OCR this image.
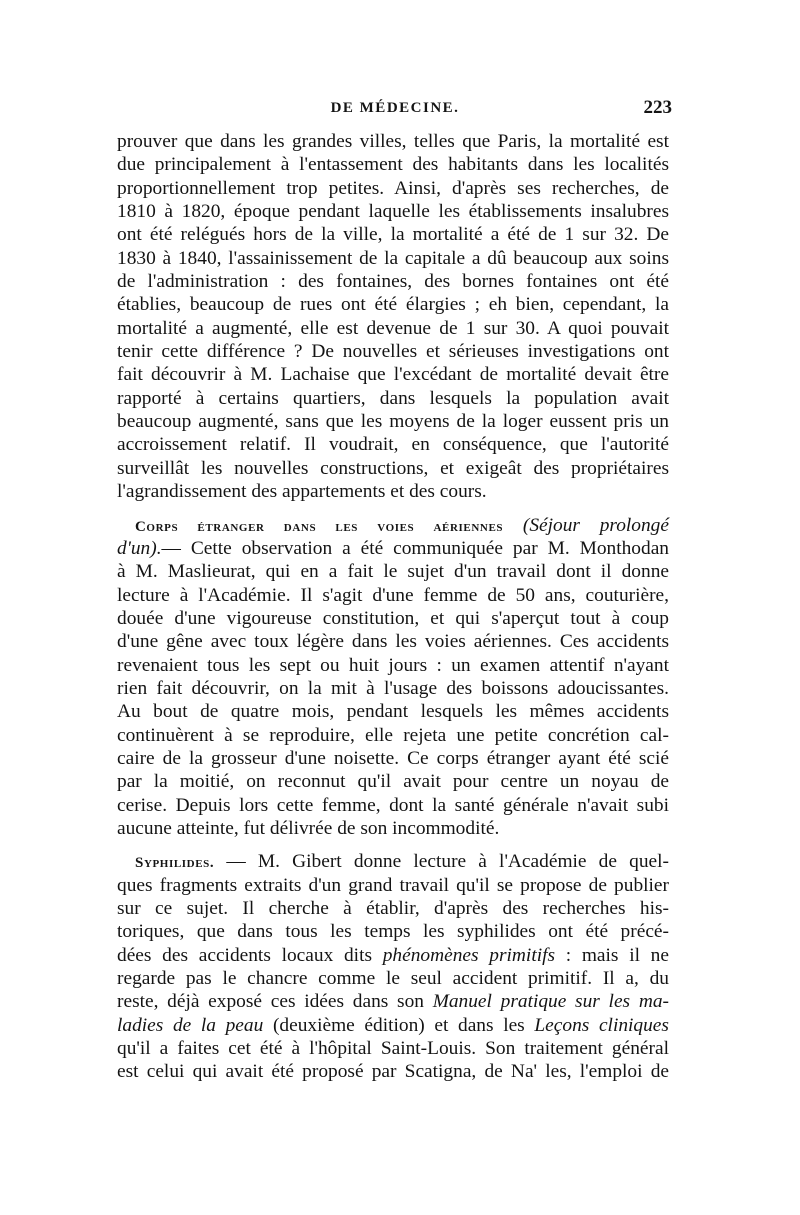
DE MÉDECINE.	223

prouver que dans les grandes villes, telles que Paris, la mortalité est
due principalement à l'entassement des habitants dans les localités
proportionnellement trop petites. Ainsi, d'après ses recherches, de
1810 à 1820, époque pendant laquelle les établissements insalubres
ont été relégués hors de la ville, la mortalité a été de 1 sur 32. De
1830 à 1840, l'assainissement de la capitale a dû beaucoup aux soins
de l'administration : des fontaines, des bornes fontaines ont été
établies, beaucoup de rues ont été élargies ; eh bien, cependant, la
mortalité a augmenté, elle est devenue de 1 sur 30. A quoi pouvait
tenir cette différence ? De nouvelles et sérieuses investigations ont
fait découvrir à M. Lachaise que l'excédant de mortalité devait être
rapporté à certains quartiers, dans lesquels la population avait
beaucoup augmenté, sans que les moyens de la loger eussent pris un
accroissement relatif. Il voudrait, en conséquence, que l'autorité
surveillât les nouvelles constructions, et exigeât des propriétaires
l'agrandissement des appartements et des cours.

Corps étranger dans les voies aériennes (Séjour prolongé
d'un).— Cette observation a été communiquée par M. Monthodan
à M. Maslieurat, qui en a fait le sujet d'un travail dont il donne
lecture à l'Académie. Il s'agit d'une femme de 50 ans, couturière,
douée d'une vigoureuse constitution, et qui s'aperçut tout à coup
d'une gêne avec toux légère dans les voies aériennes. Ces accidents
revenaient tous les sept ou huit jours : un examen attentif n'ayant
rien fait découvrir, on la mit à l'usage des boissons adoucissantes.
Au bout de quatre mois, pendant lesquels les mêmes accidents
continuèrent à se reproduire, elle rejeta une petite concrétion cal-
caire de la grosseur d'une noisette. Ce corps étranger ayant été scié
par la moitié, on reconnut qu'il avait pour centre un noyau de
cerise. Depuis lors cette femme, dont la santé générale n'avait subi
aucune atteinte, fut délivrée de son incommodité.

Syphilides. — M. Gibert donne lecture à l'Académie de quel-
ques fragments extraits d'un grand travail qu'il se propose de publier
sur ce sujet. Il cherche à établir, d'après des recherches his-
toriques, que dans tous les temps les syphilides ont été précé-
dées des accidents locaux dits phénomènes primitifs : mais il ne
regarde pas le chancre comme le seul accident primitif. Il a, du
reste, déjà exposé ces idées dans son Manuel pratique sur les ma-
ladies de la peau (deuxième édition) et dans les Leçons cliniques
qu'il a faites cet été à l'hôpital Saint-Louis. Son traitement général
est celui qui avait été proposé par Scatigna, de Na' les, l'emploi de
